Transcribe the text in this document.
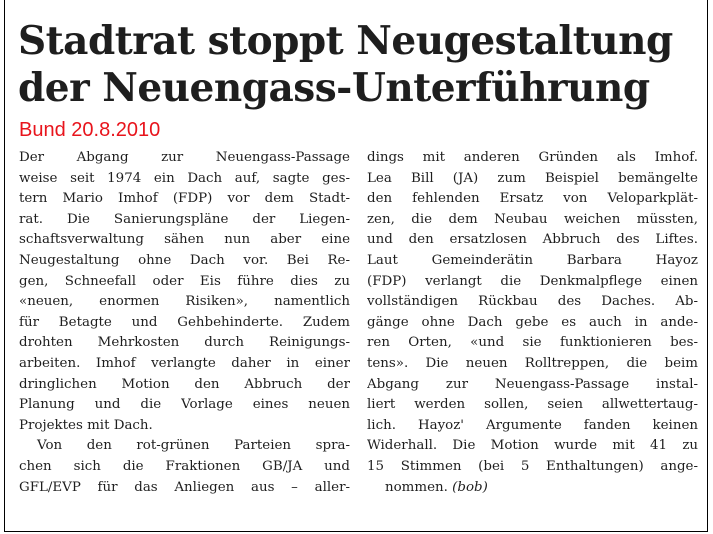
Stadtrat stoppt Neugestaltung
der Neuengass-Unterführung
Bund 20.8.2010
Der Abgang zur Neuengass-Passage
weise seit 1974 ein Dach auf, sagte ges-
tern Mario Imhof (FDP) vor dem Stadt-
rat. Die Sanierungspläne der Liegen-
schaftsverwaltung sähen nun aber eine
Neugestaltung ohne Dach vor. Bei Re-
gen, Schneefall oder Eis führe dies zu
«neuen, enormen Risiken», namentlich
für Betagte und Gehbehinderte. Zudem
drohten Mehrkosten durch Reinigungs-
arbeiten. Imhof verlangte daher in einer
dringlichen Motion den Abbruch der
Planung und die Vorlage eines neuen
Projektes mit Dach.
Von den rot-grünen Parteien spra-
chen sich die Fraktionen GB/JA und
GFL/EVP für das Anliegen aus – aller-
dings mit anderen Gründen als Imhof.
Lea Bill (JA) zum Beispiel bemängelte
den fehlenden Ersatz von Veloparkplät-
zen, die dem Neubau weichen müssten,
und den ersatzlosen Abbruch des Liftes.
Laut Gemeinderätin Barbara Hayoz
(FDP) verlangt die Denkmalpflege einen
vollständigen Rückbau des Daches. Ab-
gänge ohne Dach gebe es auch in ande-
ren Orten, «und sie funktionieren bes-
tens». Die neuen Rolltreppen, die beim
Abgang zur Neuengass-Passage instal-
liert werden sollen, seien allwettertaug-
lich. Hayoz' Argumente fanden keinen
Widerhall. Die Motion wurde mit 41 zu
15 Stimmen (bei 5 Enthaltungen) ange-
nommen. (bob)
